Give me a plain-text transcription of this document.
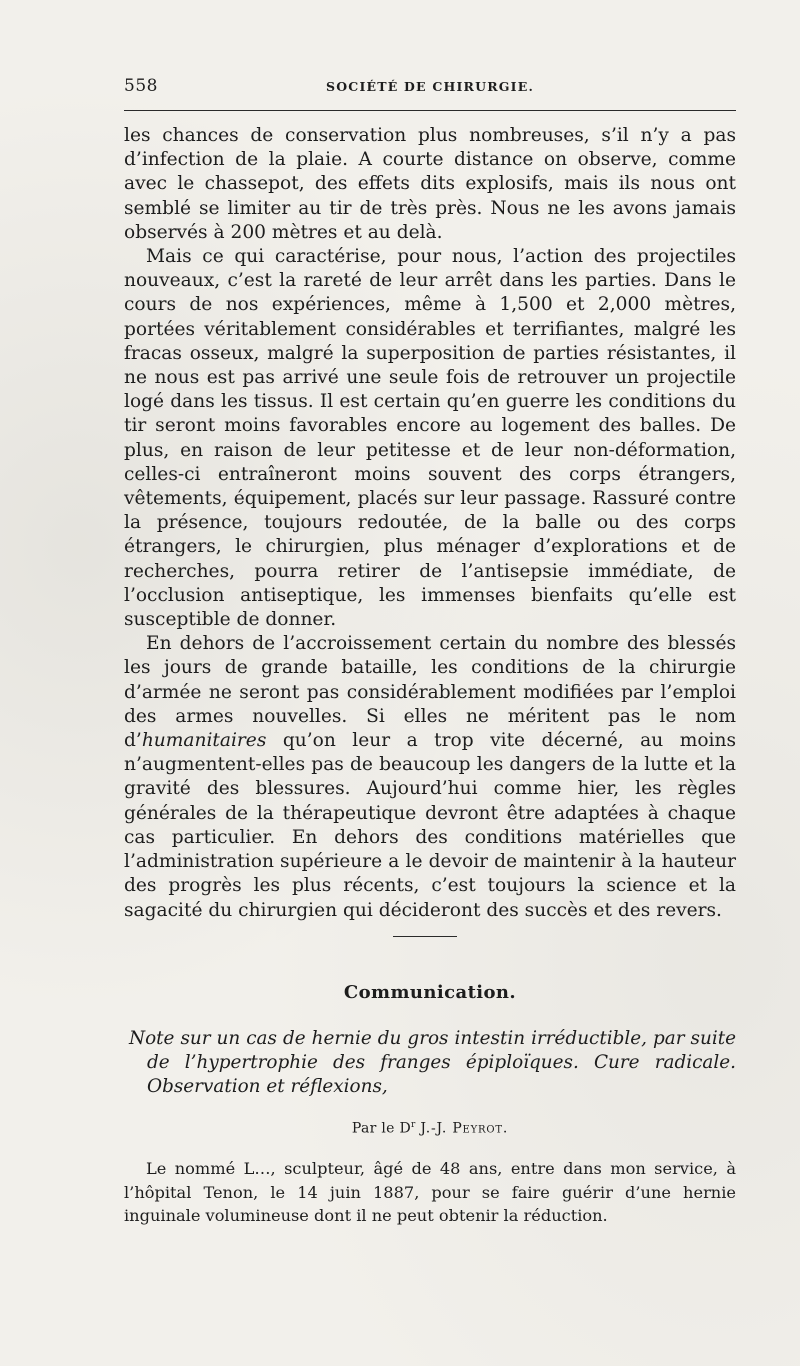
558	SOCIÉTÉ DE CHIRURGIE.

les chances de conservation plus nombreuses, s’il n’y a pas d’infection de la plaie. A courte distance on observe, comme avec le chassepot, des effets dits explosifs, mais ils nous ont semblé se limiter au tir de très près. Nous ne les avons jamais observés à 200 mètres et au delà.

Mais ce qui caractérise, pour nous, l’action des projectiles nouveaux, c’est la rareté de leur arrêt dans les parties. Dans le cours de nos expériences, même à 1,500 et 2,000 mètres, portées véritablement considérables et terrifiantes, malgré les fracas osseux, malgré la superposition de parties résistantes, il ne nous est pas arrivé une seule fois de retrouver un projectile logé dans les tissus. Il est certain qu’en guerre les conditions du tir seront moins favorables encore au logement des balles. De plus, en raison de leur petitesse et de leur non-déformation, celles-ci entraîneront moins souvent des corps étrangers, vêtements, équipement, placés sur leur passage. Rassuré contre la présence, toujours redoutée, de la balle ou des corps étrangers, le chirurgien, plus ménager d’explorations et de recherches, pourra retirer de l’antisepsie immédiate, de l’occlusion antiseptique, les immenses bienfaits qu’elle est susceptible de donner.

En dehors de l’accroissement certain du nombre des blessés les jours de grande bataille, les conditions de la chirurgie d’armée ne seront pas considérablement modifiées par l’emploi des armes nouvelles. Si elles ne méritent pas le nom d’humanitaires qu’on leur a trop vite décerné, au moins n’augmentent-elles pas de beaucoup les dangers de la lutte et la gravité des blessures. Aujourd’hui comme hier, les règles générales de la thérapeutique devront être adaptées à chaque cas particulier. En dehors des conditions matérielles que l’administration supérieure a le devoir de maintenir à la hauteur des progrès les plus récents, c’est toujours la science et la sagacité du chirurgien qui décideront des succès et des revers.

Communication.
Note sur un cas de hernie du gros intestin irréductible, par suite
de l’hypertrophie des franges épiploïques. Cure radicale.
Observation et réflexions,
Par le $D^r$ J.-J. Peyrot.

Le nommé L…, sculpteur, âgé de 48 ans, entre dans mon service, à l’hôpital Tenon, le 14 juin 1887, pour se faire guérir d’une hernie inguinale volumineuse dont il ne peut obtenir la réduction.
